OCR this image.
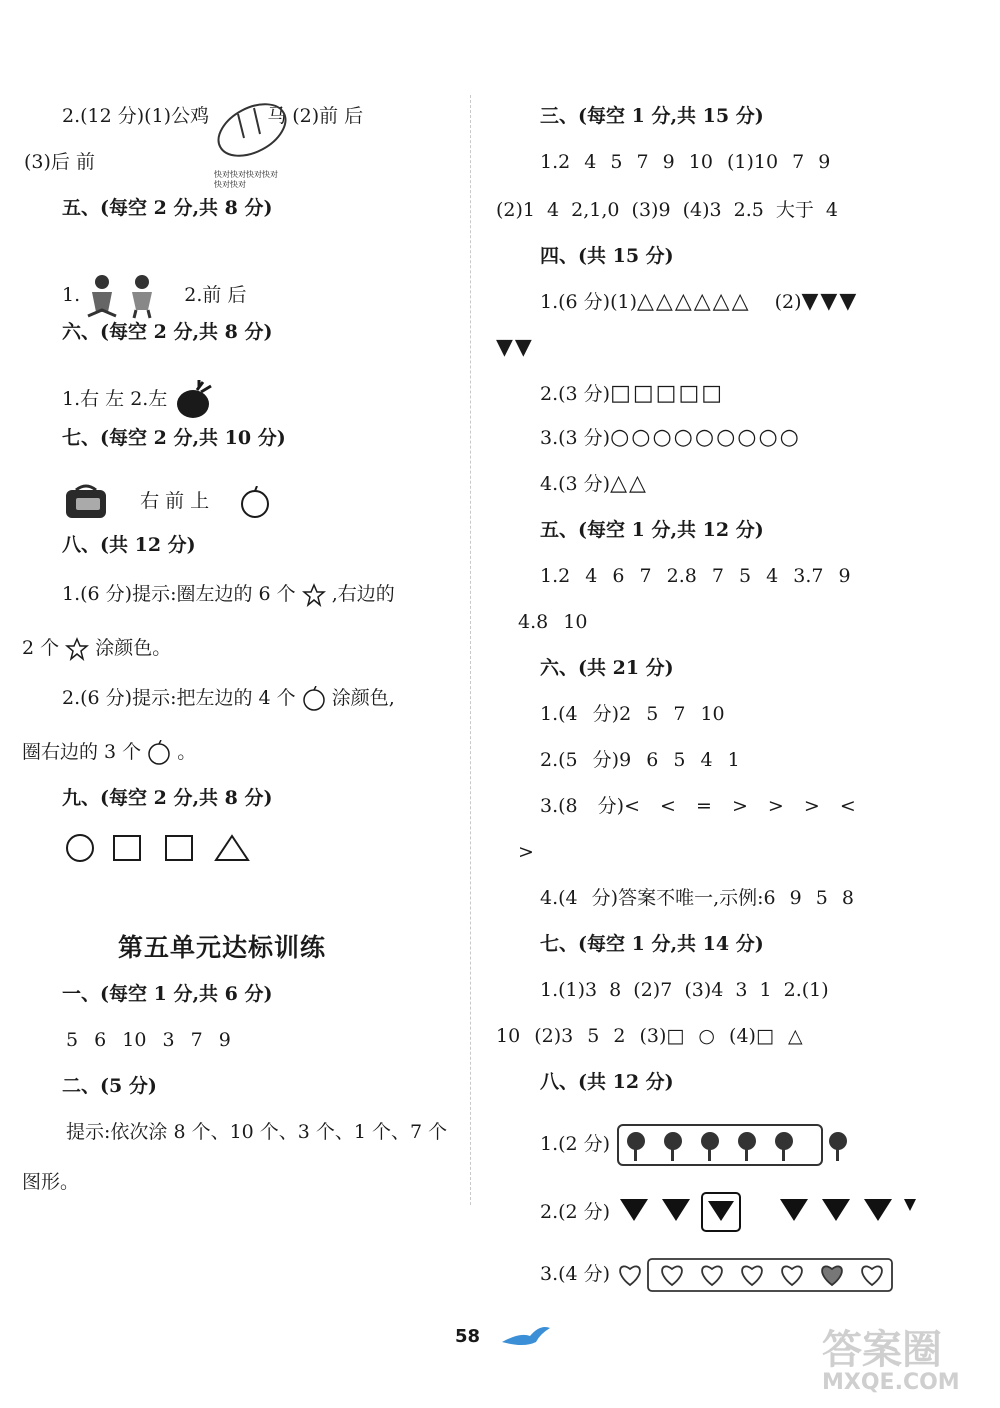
2.(12 分)(1)公鸡	马 (2)前 后
快对快对快对快对快对快对
(3)后 前
五、(每空 2 分,共 8 分)
1.	2.前 后
六、(每空 2 分,共 8 分)
1.右 左 2.左
七、(每空 2 分,共 10 分)
右 前 上
八、(共 12 分)
1.(6 分)提示:圈左边的 6 个 ,右边的
2 个 涂颜色。
2.(6 分)提示:把左边的 4 个 涂颜色,
圈右边的 3 个 。
九、(每空 2 分,共 8 分)
第五单元达标训练
一、(每空 1 分,共 6 分)
5 6 10 3 7 9
二、(5 分)
提示:依次涂 8 个、10 个、3 个、1 个、7 个
图形。
三、(每空 1 分,共 15 分)
1.2 4 5 7 9 10 (1)10 7 9
(2)1 4 2,1,0 (3)9 (4)3 2.5 大于 4
四、(共 15 分)
1.(6 分)(1)△△△△△△ (2)▼▼▼
▼▼
2.(3 分)□□□□□
3.(3 分)○○○○○○○○○
4.(3 分)△△
五、(每空 1 分,共 12 分)
1.2 4 6 7 2.8 7 5 4 3.7 9
4.8 10
六、(共 21 分)
1.(4 分)2 5 7 10
2.(5 分)9 6 5 4 1
3.(8 分)< < = > > > <
>
4.(4 分)答案不唯一,示例:6 9 5 8
七、(每空 1 分,共 14 分)
1.(1)3 8 (2)7 (3)4 3 1 2.(1)
10 (2)3 5 2 (3)□ ○ (4)□ △
八、(共 12 分)
1.(2 分)
2.(2 分)
3.(4 分)
58	答案圈
MXQE.COM
